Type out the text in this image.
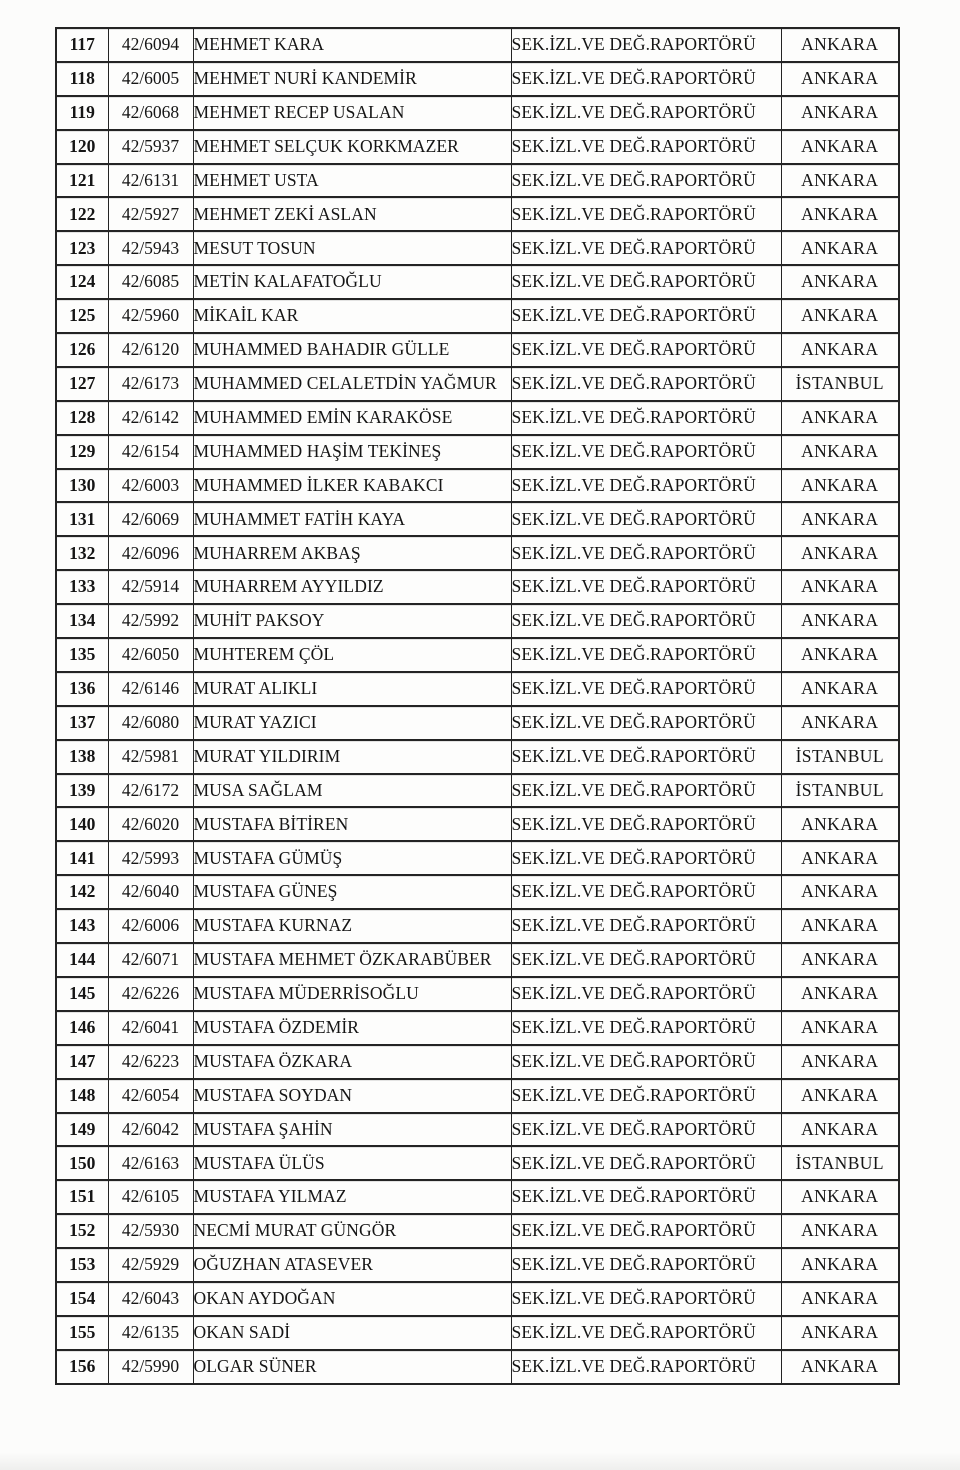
117	42/6094	MEHMET KARA	SEK.İZL.VE DEĞ.RAPORTÖRÜ	ANKARA
118	42/6005	MEHMET NURİ KANDEMİR	SEK.İZL.VE DEĞ.RAPORTÖRÜ	ANKARA
119	42/6068	MEHMET RECEP USALAN	SEK.İZL.VE DEĞ.RAPORTÖRÜ	ANKARA
120	42/5937	MEHMET SELÇUK KORKMAZER	SEK.İZL.VE DEĞ.RAPORTÖRÜ	ANKARA
121	42/6131	MEHMET USTA	SEK.İZL.VE DEĞ.RAPORTÖRÜ	ANKARA
122	42/5927	MEHMET ZEKİ ASLAN	SEK.İZL.VE DEĞ.RAPORTÖRÜ	ANKARA
123	42/5943	MESUT TOSUN	SEK.İZL.VE DEĞ.RAPORTÖRÜ	ANKARA
124	42/6085	METİN KALAFATOĞLU	SEK.İZL.VE DEĞ.RAPORTÖRÜ	ANKARA
125	42/5960	MİKAİL KAR	SEK.İZL.VE DEĞ.RAPORTÖRÜ	ANKARA
126	42/6120	MUHAMMED BAHADIR GÜLLE	SEK.İZL.VE DEĞ.RAPORTÖRÜ	ANKARA
127	42/6173	MUHAMMED CELALETDİN YAĞMUR	SEK.İZL.VE DEĞ.RAPORTÖRÜ	İSTANBUL
128	42/6142	MUHAMMED EMİN KARAKÖSE	SEK.İZL.VE DEĞ.RAPORTÖRÜ	ANKARA
129	42/6154	MUHAMMED HAŞİM TEKİNEŞ	SEK.İZL.VE DEĞ.RAPORTÖRÜ	ANKARA
130	42/6003	MUHAMMED İLKER KABAKCI	SEK.İZL.VE DEĞ.RAPORTÖRÜ	ANKARA
131	42/6069	MUHAMMET FATİH KAYA	SEK.İZL.VE DEĞ.RAPORTÖRÜ	ANKARA
132	42/6096	MUHARREM AKBAŞ	SEK.İZL.VE DEĞ.RAPORTÖRÜ	ANKARA
133	42/5914	MUHARREM AYYILDIZ	SEK.İZL.VE DEĞ.RAPORTÖRÜ	ANKARA
134	42/5992	MUHİT PAKSOY	SEK.İZL.VE DEĞ.RAPORTÖRÜ	ANKARA
135	42/6050	MUHTEREM ÇÖL	SEK.İZL.VE DEĞ.RAPORTÖRÜ	ANKARA
136	42/6146	MURAT ALIKLI	SEK.İZL.VE DEĞ.RAPORTÖRÜ	ANKARA
137	42/6080	MURAT YAZICI	SEK.İZL.VE DEĞ.RAPORTÖRÜ	ANKARA
138	42/5981	MURAT YILDIRIM	SEK.İZL.VE DEĞ.RAPORTÖRÜ	İSTANBUL
139	42/6172	MUSA SAĞLAM	SEK.İZL.VE DEĞ.RAPORTÖRÜ	İSTANBUL
140	42/6020	MUSTAFA BİTİREN	SEK.İZL.VE DEĞ.RAPORTÖRÜ	ANKARA
141	42/5993	MUSTAFA GÜMÜŞ	SEK.İZL.VE DEĞ.RAPORTÖRÜ	ANKARA
142	42/6040	MUSTAFA GÜNEŞ	SEK.İZL.VE DEĞ.RAPORTÖRÜ	ANKARA
143	42/6006	MUSTAFA KURNAZ	SEK.İZL.VE DEĞ.RAPORTÖRÜ	ANKARA
144	42/6071	MUSTAFA MEHMET ÖZKARABÜBER	SEK.İZL.VE DEĞ.RAPORTÖRÜ	ANKARA
145	42/6226	MUSTAFA MÜDERRİSOĞLU	SEK.İZL.VE DEĞ.RAPORTÖRÜ	ANKARA
146	42/6041	MUSTAFA ÖZDEMİR	SEK.İZL.VE DEĞ.RAPORTÖRÜ	ANKARA
147	42/6223	MUSTAFA ÖZKARA	SEK.İZL.VE DEĞ.RAPORTÖRÜ	ANKARA
148	42/6054	MUSTAFA SOYDAN	SEK.İZL.VE DEĞ.RAPORTÖRÜ	ANKARA
149	42/6042	MUSTAFA ŞAHİN	SEK.İZL.VE DEĞ.RAPORTÖRÜ	ANKARA
150	42/6163	MUSTAFA ÜLÜS	SEK.İZL.VE DEĞ.RAPORTÖRÜ	İSTANBUL
151	42/6105	MUSTAFA YILMAZ	SEK.İZL.VE DEĞ.RAPORTÖRÜ	ANKARA
152	42/5930	NECMİ MURAT GÜNGÖR	SEK.İZL.VE DEĞ.RAPORTÖRÜ	ANKARA
153	42/5929	OĞUZHAN ATASEVER	SEK.İZL.VE DEĞ.RAPORTÖRÜ	ANKARA
154	42/6043	OKAN AYDOĞAN	SEK.İZL.VE DEĞ.RAPORTÖRÜ	ANKARA
155	42/6135	OKAN SADİ	SEK.İZL.VE DEĞ.RAPORTÖRÜ	ANKARA
156	42/5990	OLGAR SÜNER	SEK.İZL.VE DEĞ.RAPORTÖRÜ	ANKARA
